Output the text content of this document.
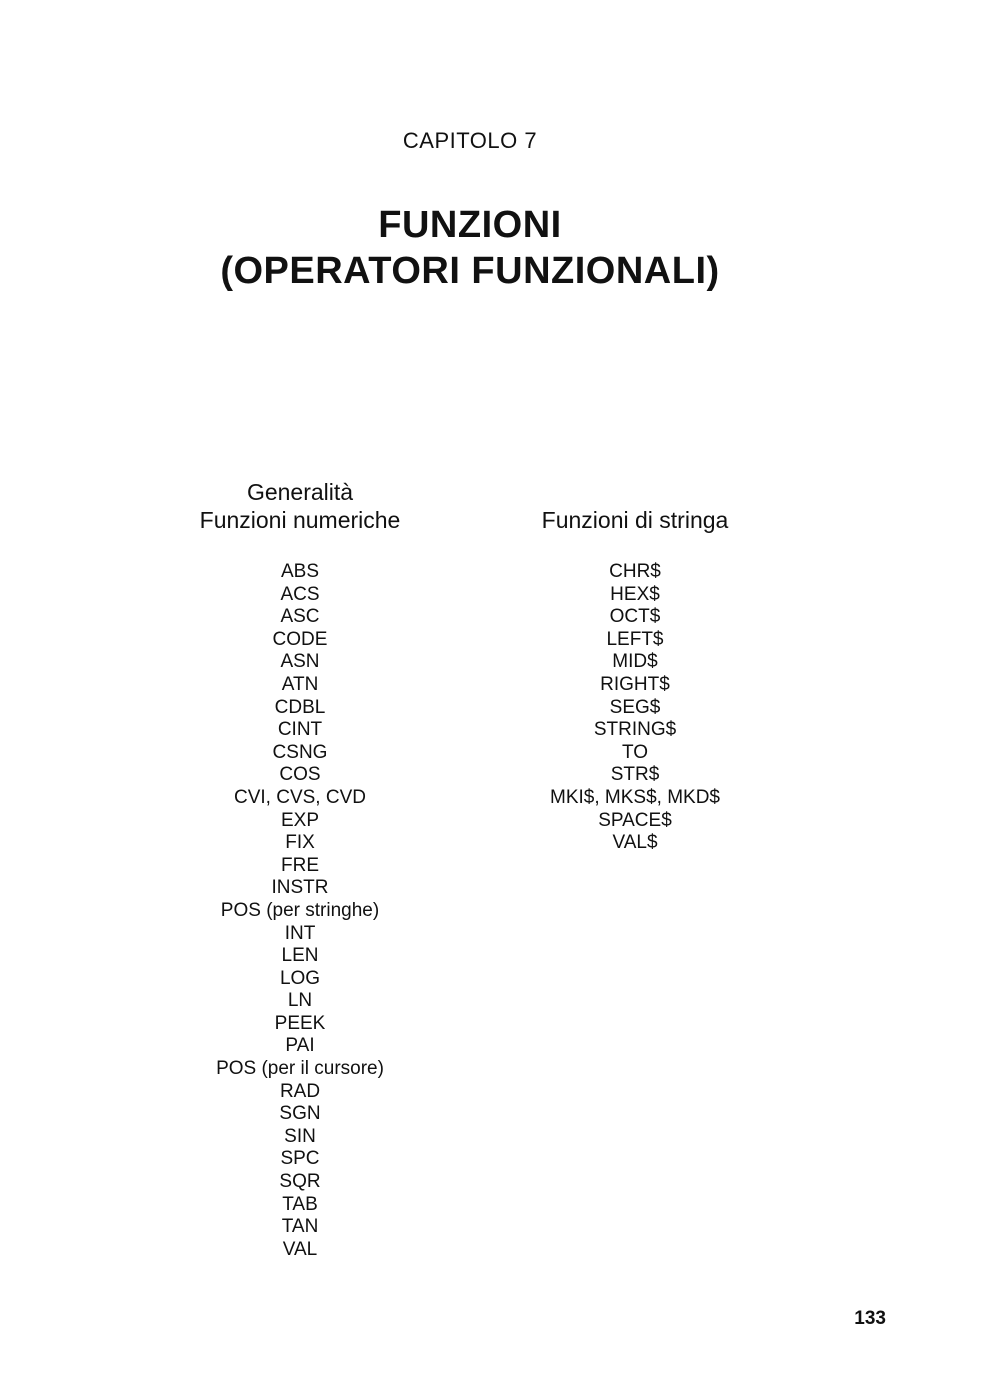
CAPITOLO 7
FUNZIONI
(OPERATORI FUNZIONALI)
Generalità
Funzioni numeriche	Funzioni di stringa
ABS
ACS
ASC
CODE
ASN
ATN
CDBL
CINT
CSNG
COS
CVI, CVS, CVD
EXP
FIX
FRE
INSTR
POS (per stringhe)
INT
LEN
LOG
LN
PEEK
PAI
POS (per il cursore)
RAD
SGN
SIN
SPC
SQR
TAB
TAN
VAL
CHR$
HEX$
OCT$
LEFT$
MID$
RIGHT$
SEG$
STRING$
TO
STR$
MKI$, MKS$, MKD$
SPACE$
VAL$
133
